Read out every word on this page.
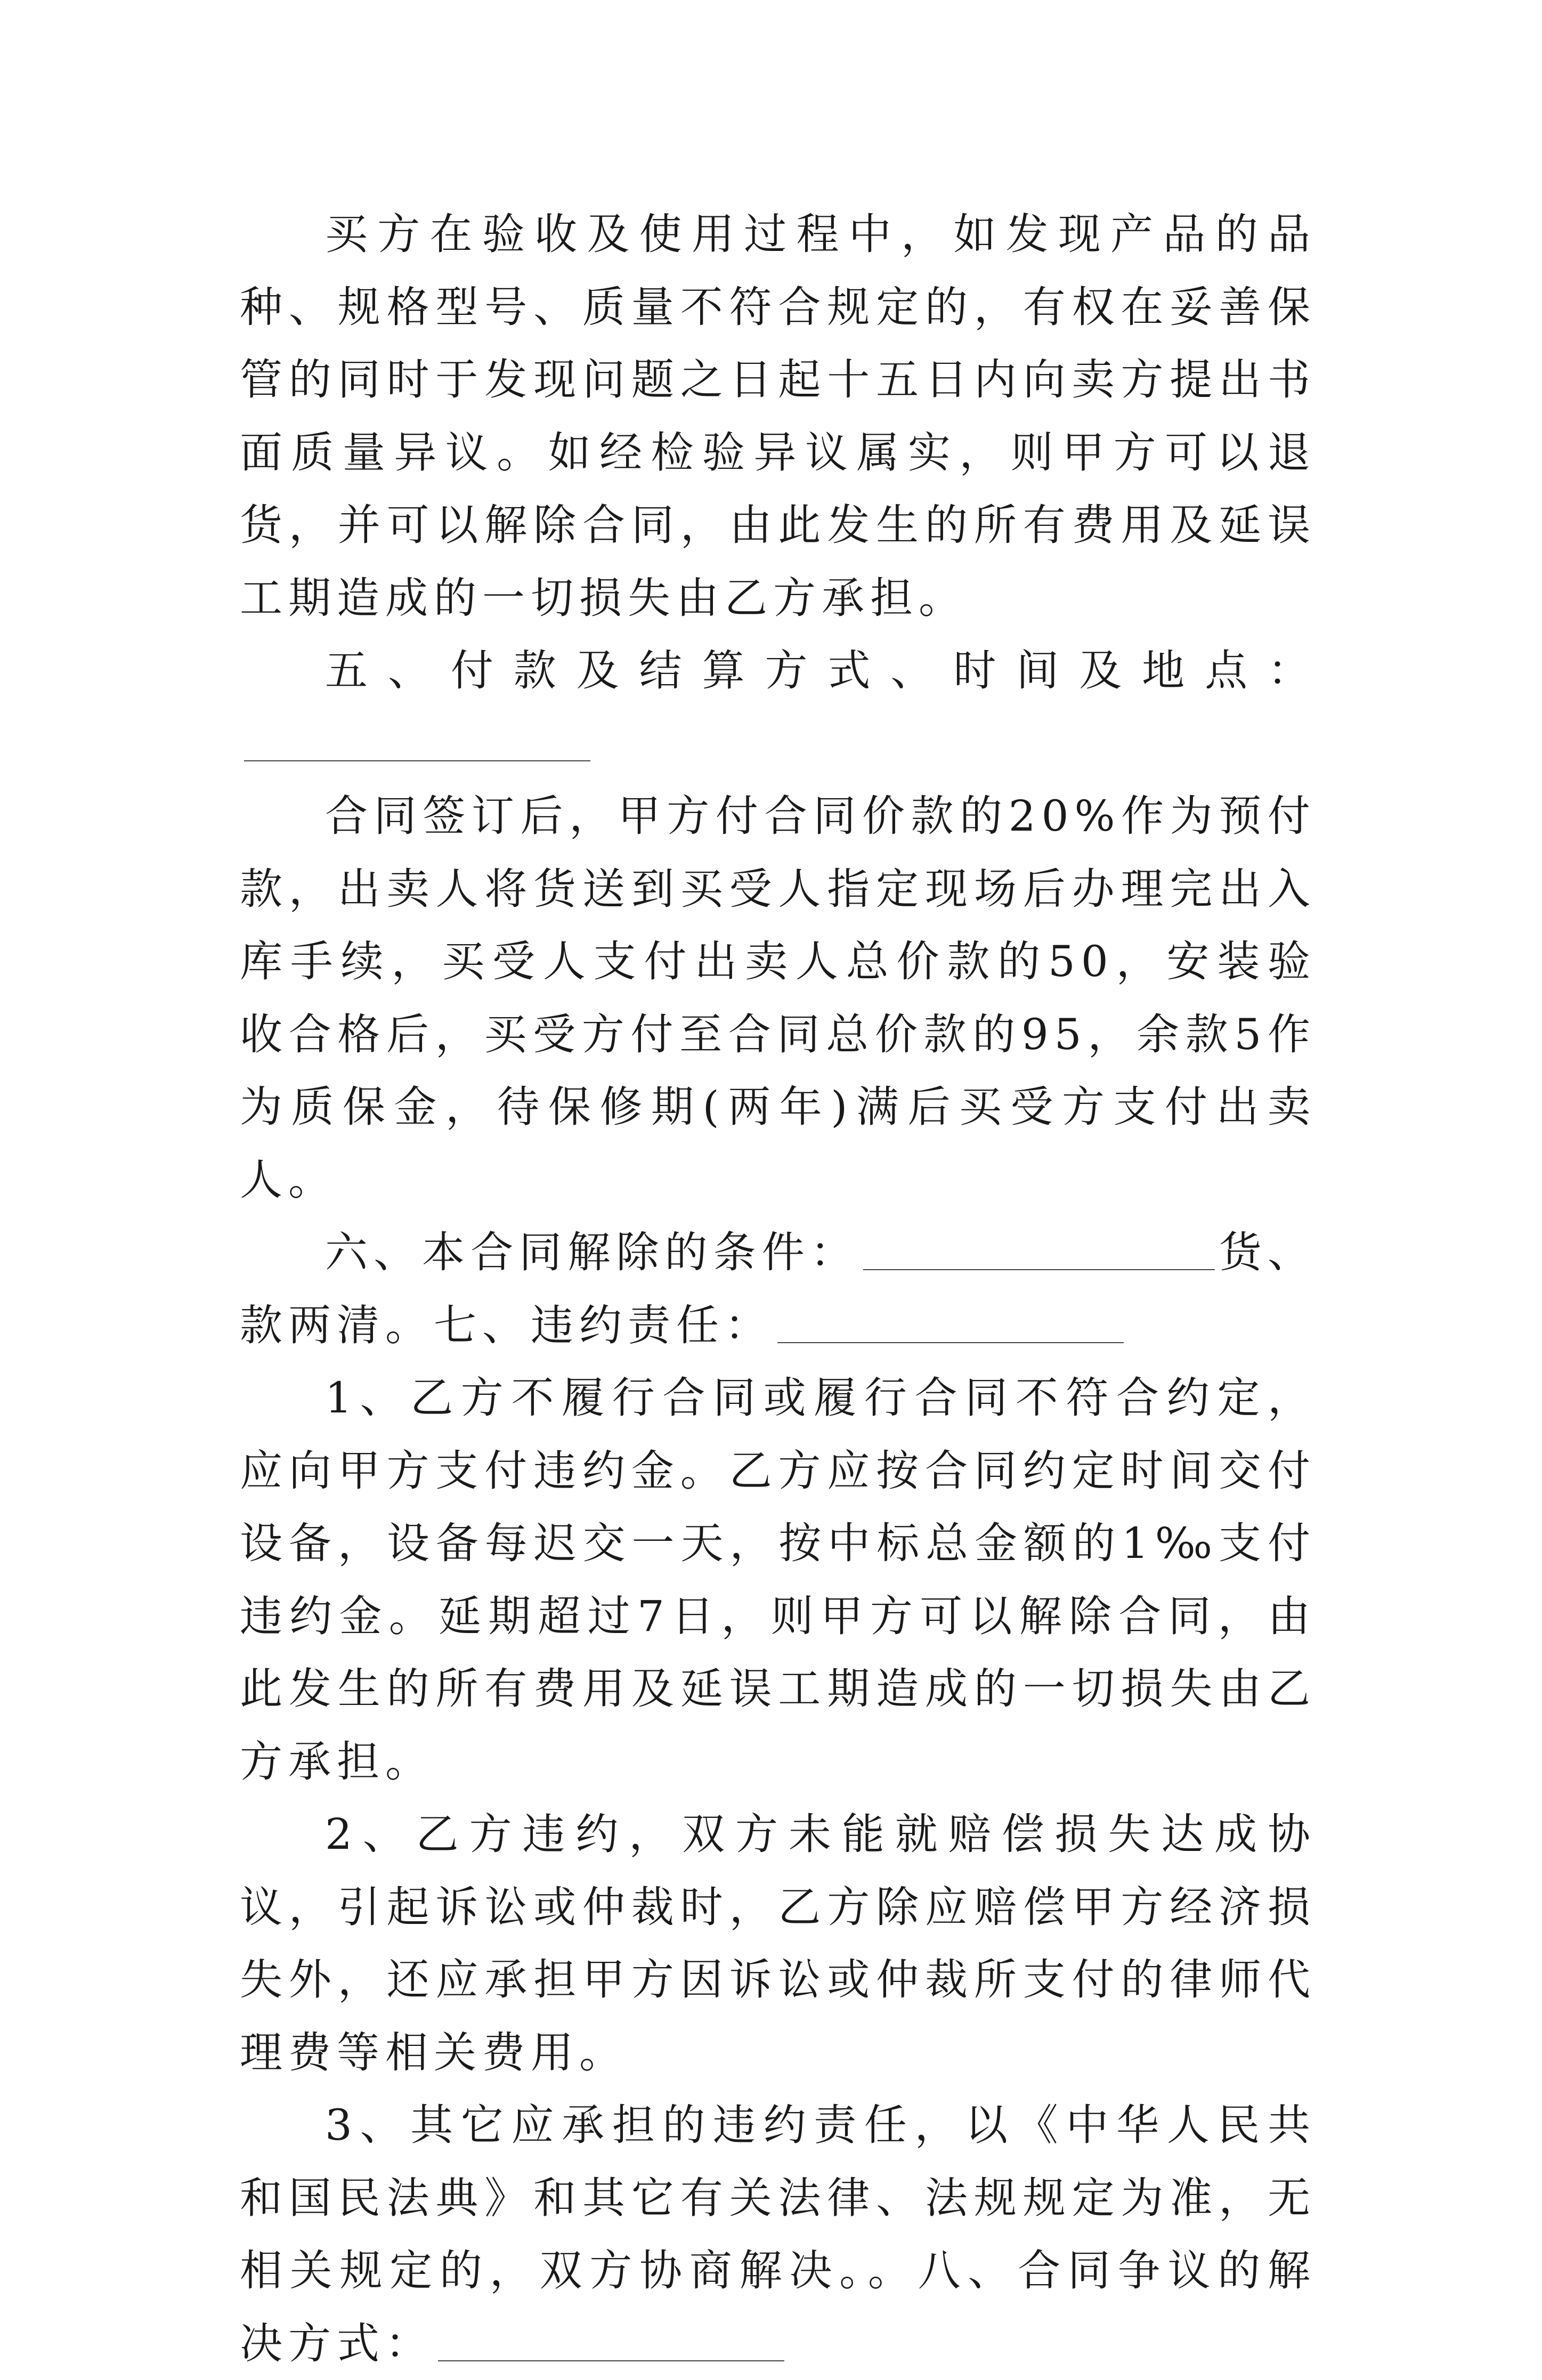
买方在验收及使用过程中，如发现产品的品种、规格型号、质量不符合规定的，有权在妥善保管的同时于发现问题之日起十五日内向卖方提出书面质量异议。如经检验异议属实，则甲方可以退货，并可以解除合同，由此发生的所有费用及延误工期造成的一切损失由乙方承担。

五、付款及结算方式、时间及地点：

合同签订后，甲方付合同价款的20%作为预付款，出卖人将货送到买受人指定现场后办理完出入库手续，买受人支付出卖人总价款的50，安装验收合格后，买受方付至合同总价款的95，余款5作为质保金，待保修期(两年)满后买受方支付出卖人。

六、本合同解除的条件：	货、款两清。七、违约责任：

1、乙方不履行合同或履行合同不符合约定，应向甲方支付违约金。乙方应按合同约定时间交付设备，设备每迟交一天，按中标总金额的1‰支付违约金。延期超过7日，则甲方可以解除合同，由此发生的所有费用及延误工期造成的一切损失由乙方承担。

2、乙方违约，双方未能就赔偿损失达成协议，引起诉讼或仲裁时，乙方除应赔偿甲方经济损失外，还应承担甲方因诉讼或仲裁所支付的律师代理费等相关费用。

3、其它应承担的违约责任，以《中华人民共和国民法典》和其它有关法律、法规规定为准，无相关规定的，双方协商解决。。八、合同争议的解决方式：
